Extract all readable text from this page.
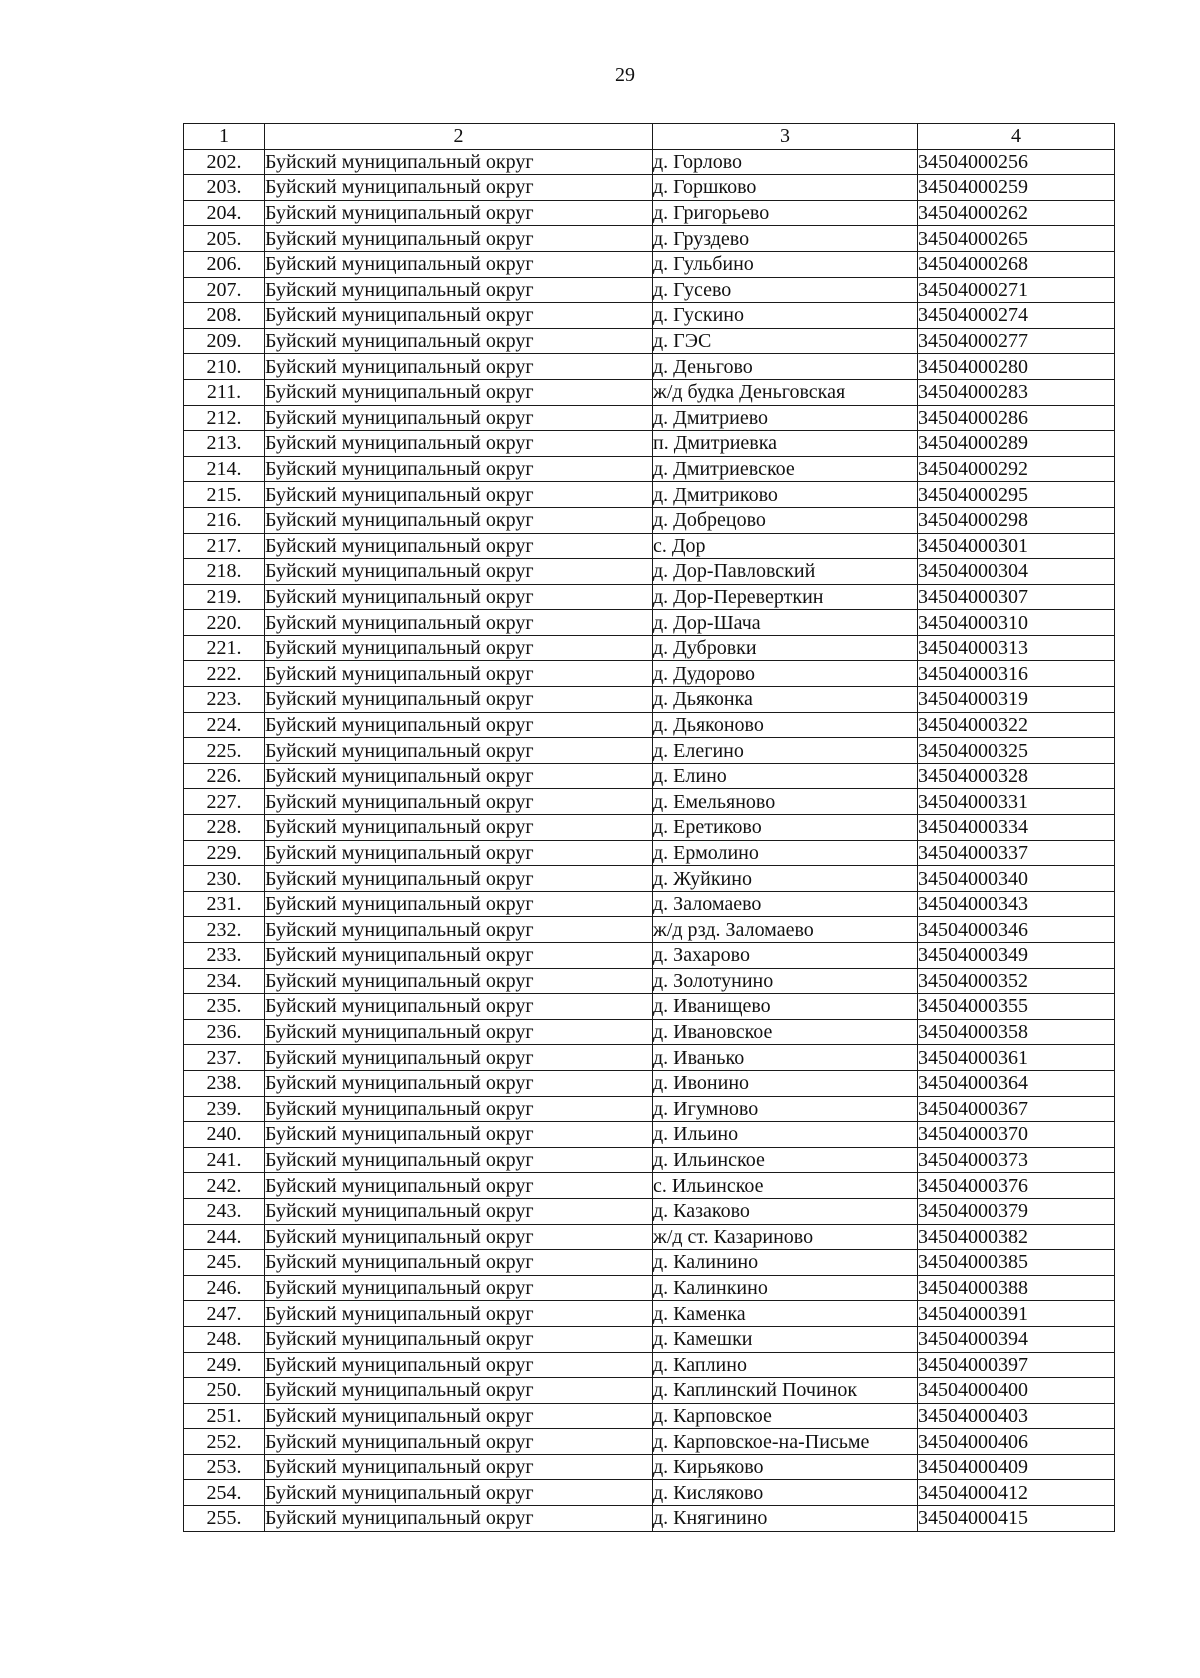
29
1	2	3	4
202.	Буйский муниципальный округ	д. Горлово	34504000256
203.	Буйский муниципальный округ	д. Горшково	34504000259
204.	Буйский муниципальный округ	д. Григорьево	34504000262
205.	Буйский муниципальный округ	д. Груздево	34504000265
206.	Буйский муниципальный округ	д. Гульбино	34504000268
207.	Буйский муниципальный округ	д. Гусево	34504000271
208.	Буйский муниципальный округ	д. Гускино	34504000274
209.	Буйский муниципальный округ	д. ГЭС	34504000277
210.	Буйский муниципальный округ	д. Деньгово	34504000280
211.	Буйский муниципальный округ	ж/д будка Деньговская	34504000283
212.	Буйский муниципальный округ	д. Дмитриево	34504000286
213.	Буйский муниципальный округ	п. Дмитриевка	34504000289
214.	Буйский муниципальный округ	д. Дмитриевское	34504000292
215.	Буйский муниципальный округ	д. Дмитриково	34504000295
216.	Буйский муниципальный округ	д. Добрецово	34504000298
217.	Буйский муниципальный округ	с. Дор	34504000301
218.	Буйский муниципальный округ	д. Дор-Павловский	34504000304
219.	Буйский муниципальный округ	д. Дор-Переверткин	34504000307
220.	Буйский муниципальный округ	д. Дор-Шача	34504000310
221.	Буйский муниципальный округ	д. Дубровки	34504000313
222.	Буйский муниципальный округ	д. Дудорово	34504000316
223.	Буйский муниципальный округ	д. Дьяконка	34504000319
224.	Буйский муниципальный округ	д. Дьяконово	34504000322
225.	Буйский муниципальный округ	д. Елегино	34504000325
226.	Буйский муниципальный округ	д. Елино	34504000328
227.	Буйский муниципальный округ	д. Емельяново	34504000331
228.	Буйский муниципальный округ	д. Еретиково	34504000334
229.	Буйский муниципальный округ	д. Ермолино	34504000337
230.	Буйский муниципальный округ	д. Жуйкино	34504000340
231.	Буйский муниципальный округ	д. Заломаево	34504000343
232.	Буйский муниципальный округ	ж/д рзд. Заломаево	34504000346
233.	Буйский муниципальный округ	д. Захарово	34504000349
234.	Буйский муниципальный округ	д. Золотунино	34504000352
235.	Буйский муниципальный округ	д. Иванищево	34504000355
236.	Буйский муниципальный округ	д. Ивановское	34504000358
237.	Буйский муниципальный округ	д. Иванько	34504000361
238.	Буйский муниципальный округ	д. Ивонино	34504000364
239.	Буйский муниципальный округ	д. Игумново	34504000367
240.	Буйский муниципальный округ	д. Ильино	34504000370
241.	Буйский муниципальный округ	д. Ильинское	34504000373
242.	Буйский муниципальный округ	с. Ильинское	34504000376
243.	Буйский муниципальный округ	д. Казаково	34504000379
244.	Буйский муниципальный округ	ж/д ст. Казариново	34504000382
245.	Буйский муниципальный округ	д. Калинино	34504000385
246.	Буйский муниципальный округ	д. Калинкино	34504000388
247.	Буйский муниципальный округ	д. Каменка	34504000391
248.	Буйский муниципальный округ	д. Камешки	34504000394
249.	Буйский муниципальный округ	д. Каплино	34504000397
250.	Буйский муниципальный округ	д. Каплинский Починок	34504000400
251.	Буйский муниципальный округ	д. Карповское	34504000403
252.	Буйский муниципальный округ	д. Карповское-на-Письме	34504000406
253.	Буйский муниципальный округ	д. Кирьяково	34504000409
254.	Буйский муниципальный округ	д. Кисляково	34504000412
255.	Буйский муниципальный округ	д. Княгинино	34504000415
